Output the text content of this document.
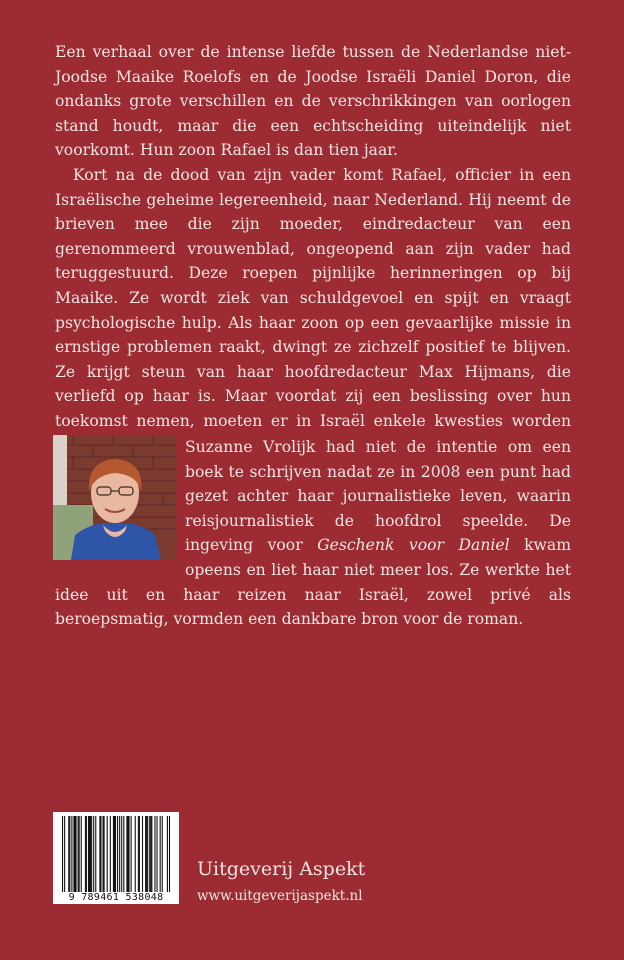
Een verhaal over de intense liefde tussen de Nederlandse niet-Joodse Maaike Roelofs en de Joodse Israëli Daniel Doron, die ondanks grote verschillen en de verschrikkingen van oorlogen stand houdt, maar die een echtscheiding uiteindelijk niet voorkomt. Hun zoon Rafael is dan tien jaar.

Kort na de dood van zijn vader komt Rafael, officier in een Israëlische geheime legereenheid, naar Nederland. Hij neemt de brieven mee die zijn moeder, eindredacteur van een gerenommeerd vrouwenblad, ongeopend aan zijn vader had teruggestuurd. Deze roepen pijnlijke herinneringen op bij Maaike. Ze wordt ziek van schuldgevoel en spijt en vraagt psychologische hulp. Als haar zoon op een gevaarlijke missie in ernstige problemen raakt, dwingt ze zichzelf positief te blijven. Ze krijgt steun van haar hoofdredacteur Max Hijmans, die verliefd op haar is. Maar voordat zij een beslissing over hun toekomst nemen, moeten er in Israël enkele kwesties worden

Suzanne Vrolijk had niet de intentie om een boek te schrijven nadat ze in 2008 een punt had gezet achter haar journalistieke leven, waarin reisjournalistiek de hoofdrol speelde. De ingeving voor Geschenk voor Daniel kwam opeens en liet haar niet meer los. Ze werkte het idee uit en haar reizen naar Israël, zowel privé als beroepsmatig, vormden een dankbare bron voor de roman.

9 789461 538048
Uitgeverij Aspekt
www.uitgeverijaspekt.nl
